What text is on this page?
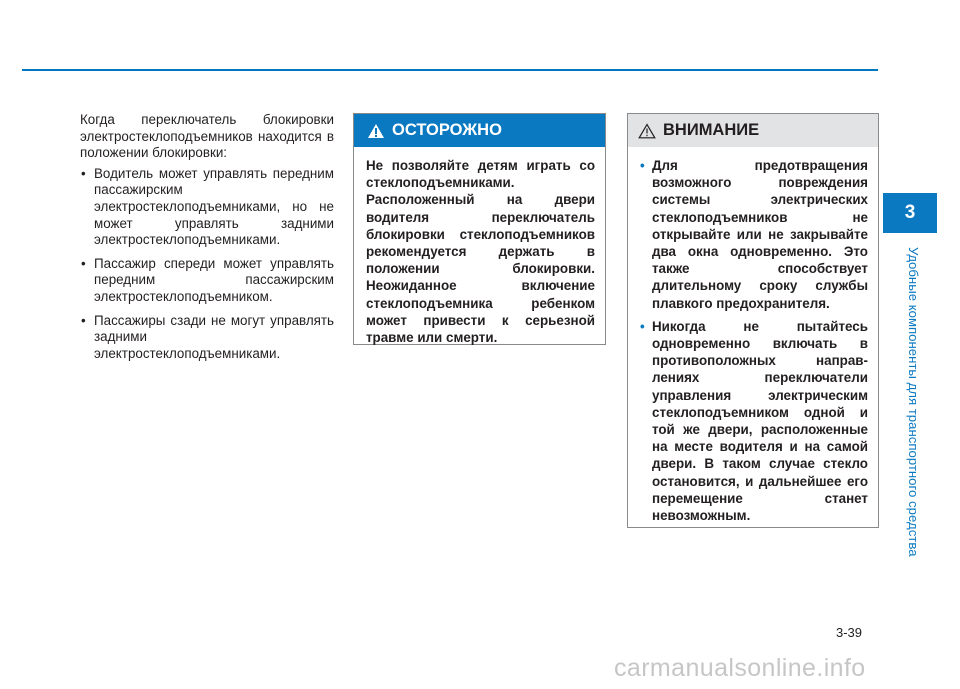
Когда переключатель блокировки электростеклоподъемников находится в положении блокировки:

• Водитель может управлять передним пассажирским электростеклоподъемниками, но не может управлять задними электростеклоподъемниками.
• Пассажир спереди может управлять передним пассажирским электростеклоподъемником.
• Пассажиры сзади не могут управлять задними электростеклоподъемниками.
ОСТОРОЖНО

Не позволяйте детям играть со стеклоподъемниками. Расположенный на двери водителя переключатель блокировки стеклоподъемников рекомендуется держать в положении блокировки. Неожиданное включение стеклоподъемника ребенком может привести к серьезной травме или смерти.

ВНИМАНИЕ
• Для предотвращения возможного повреждения системы электрических стеклоподъемников не открывайте или не закрывайте два окна одновременно. Это также способствует длительному сроку службы плавкого предохранителя.
• Никогда не пытайтесь одновременно включать в противоположных направ- лениях переключатели управления электрическим стеклоподъемником одной и той же двери, расположенные на месте водителя и на самой двери. В таком случае стекло остановится, и дальнейшее его перемещение станет невозможным.
3
Удобные компоненты для транспортного средства
3-39
carmanualsonline.info
